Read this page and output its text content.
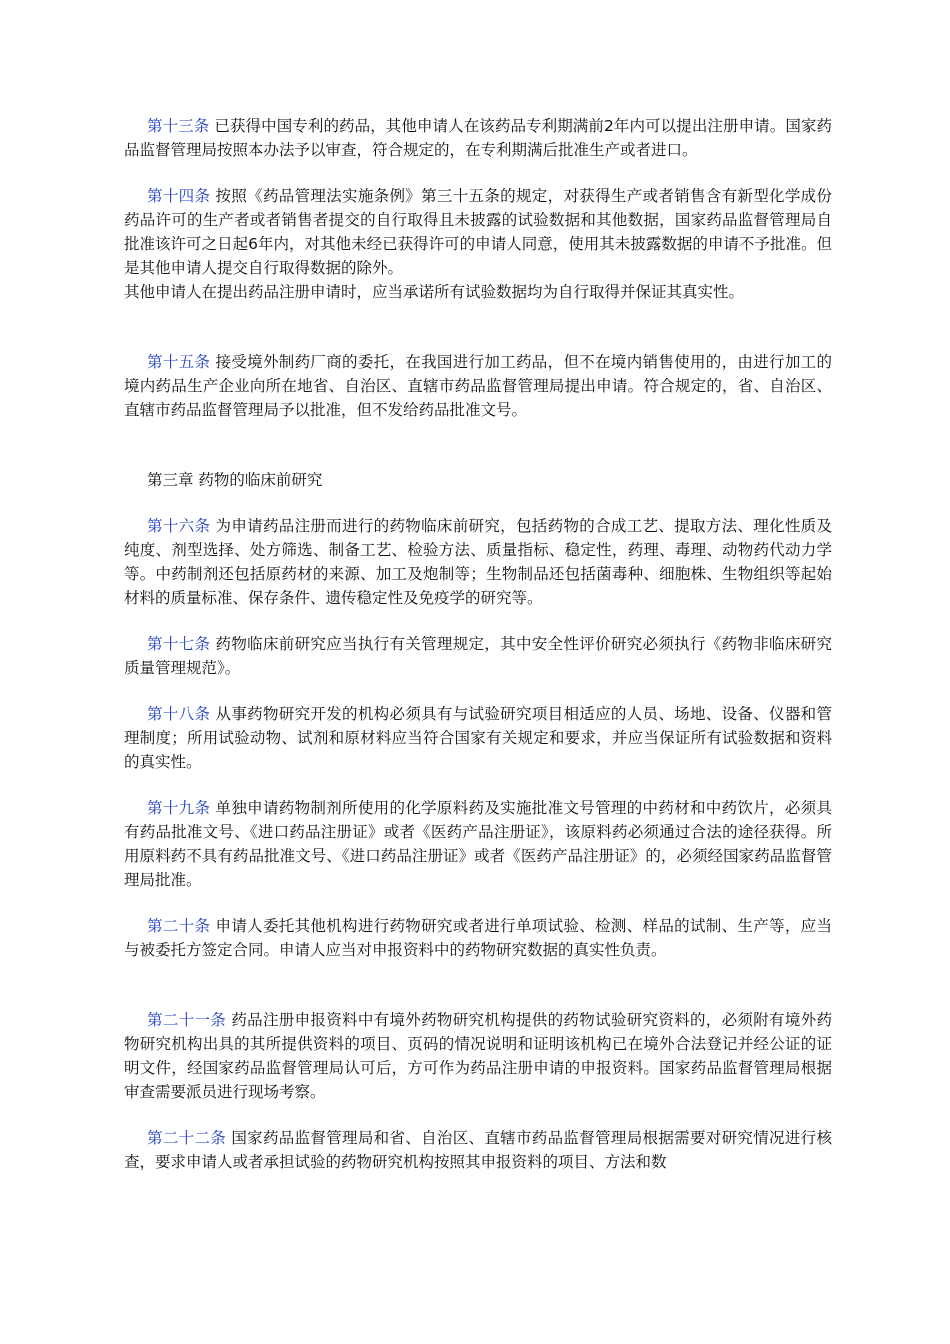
第十三条 已获得中国专利的药品，其他申请人在该药品专利期满前2年内可以提出注册申请。国家药品监督管理局按照本办法予以审查，符合规定的，在专利期满后批准生产或者进口。

第十四条 按照《药品管理法实施条例》第三十五条的规定，对获得生产或者销售含有新型化学成份药品许可的生产者或者销售者提交的自行取得且未披露的试验数据和其他数据，国家药品监督管理局自批准该许可之日起6年内，对其他未经已获得许可的申请人同意，使用其未披露数据的申请不予批准。但是其他申请人提交自行取得数据的除外。

其他申请人在提出药品注册申请时，应当承诺所有试验数据均为自行取得并保证其真实性。

第十五条 接受境外制药厂商的委托，在我国进行加工药品，但不在境内销售使用的，由进行加工的境内药品生产企业向所在地省、自治区、直辖市药品监督管理局提出申请。符合规定的，省、自治区、直辖市药品监督管理局予以批准，但不发给药品批准文号。

第三章 药物的临床前研究

第十六条 为申请药品注册而进行的药物临床前研究，包括药物的合成工艺、提取方法、理化性质及纯度、剂型选择、处方筛选、制备工艺、检验方法、质量指标、稳定性，药理、毒理、动物药代动力学等。中药制剂还包括原药材的来源、加工及炮制等；生物制品还包括菌毒种、细胞株、生物组织等起始材料的质量标准、保存条件、遗传稳定性及免疫学的研究等。

第十七条 药物临床前研究应当执行有关管理规定，其中安全性评价研究必须执行《药物非临床研究质量管理规范》。

第十八条 从事药物研究开发的机构必须具有与试验研究项目相适应的人员、场地、设备、仪器和管理制度；所用试验动物、试剂和原材料应当符合国家有关规定和要求，并应当保证所有试验数据和资料的真实性。

第十九条 单独申请药物制剂所使用的化学原料药及实施批准文号管理的中药材和中药饮片，必须具有药品批准文号、《进口药品注册证》或者《医药产品注册证》，该原料药必须通过合法的途径获得。所用原料药不具有药品批准文号、《进口药品注册证》或者《医药产品注册证》的，必须经国家药品监督管理局批准。

第二十条 申请人委托其他机构进行药物研究或者进行单项试验、检测、样品的试制、生产等，应当与被委托方签定合同。申请人应当对申报资料中的药物研究数据的真实性负责。

第二十一条 药品注册申报资料中有境外药物研究机构提供的药物试验研究资料的，必须附有境外药物研究机构出具的其所提供资料的项目、页码的情况说明和证明该机构已在境外合法登记并经公证的证明文件，经国家药品监督管理局认可后，方可作为药品注册申请的申报资料。国家药品监督管理局根据审查需要派员进行现场考察。

第二十二条 国家药品监督管理局和省、自治区、直辖市药品监督管理局根据需要对研究情况进行核查，要求申请人或者承担试验的药物研究机构按照其申报资料的项目、方法和数
